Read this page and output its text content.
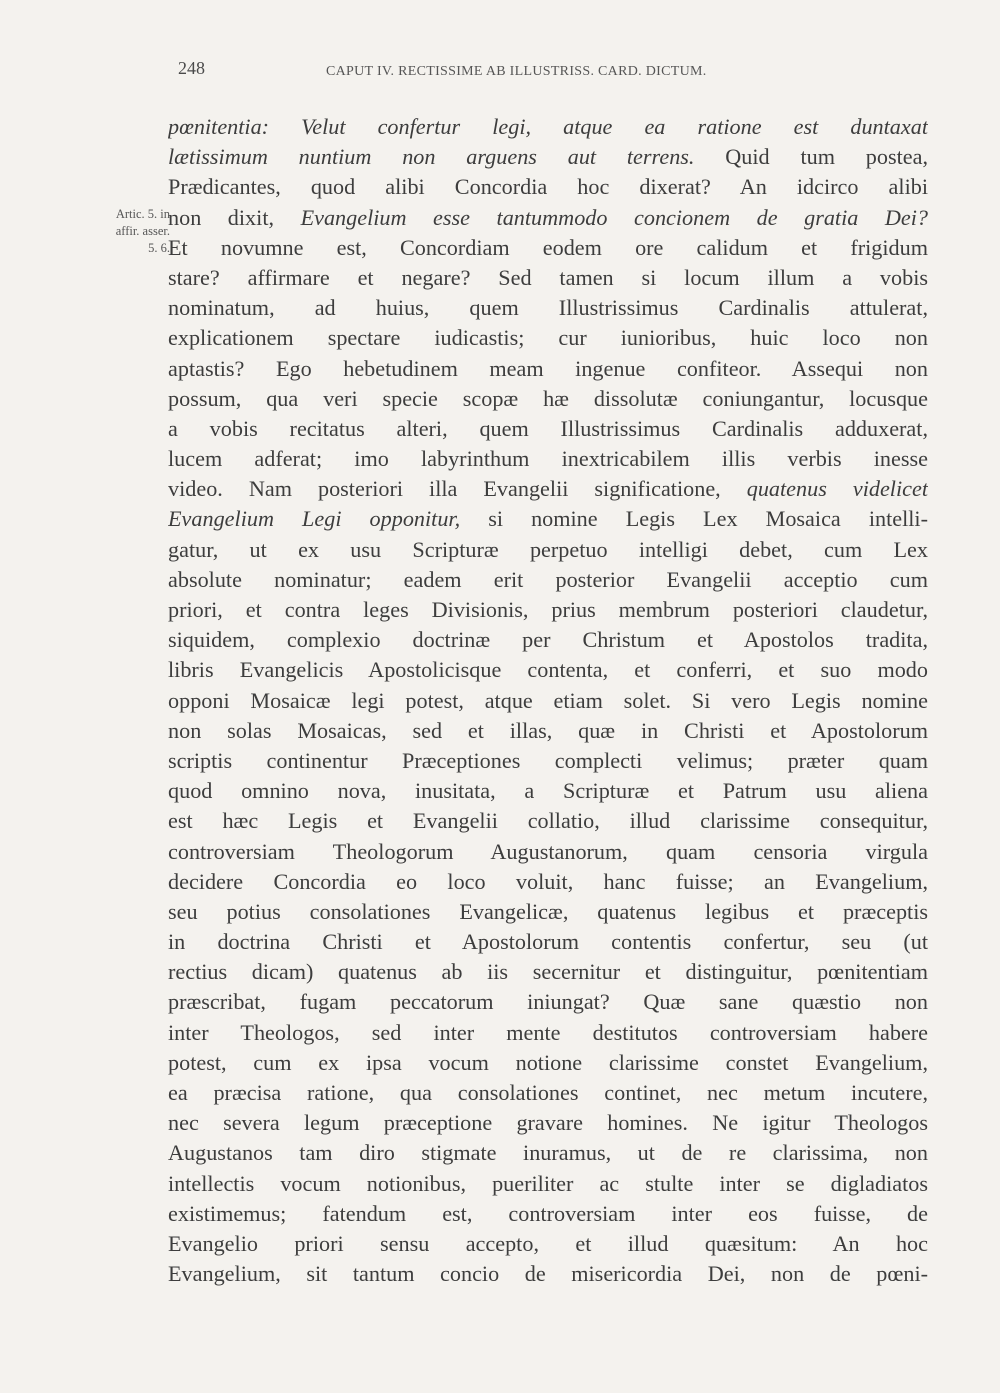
248	CAPUT IV. RECTISSIME AB ILLUSTRISS. CARD. DICTUM.
Artic. 5. in
affir. asser.
5. 6.
pœnitentia: Velut confertur legi, atque ea ratione est duntaxat
lætissimum nuntium non arguens aut terrens. Quid tum postea,
Prædicantes, quod alibi Concordia hoc dixerat? An idcirco alibi
non dixit, Evangelium esse tantummodo concionem de gratia Dei?
Et novumne est, Concordiam eodem ore calidum et frigidum
stare? affirmare et negare? Sed tamen si locum illum a vobis
nominatum, ad huius, quem Illustrissimus Cardinalis attulerat,
explicationem spectare iudicastis; cur iunioribus, huic loco non
aptastis? Ego hebetudinem meam ingenue confiteor. Assequi non
possum, qua veri specie scopæ hæ dissolutæ coniungantur, locusque
a vobis recitatus alteri, quem Illustrissimus Cardinalis adduxerat,
lucem adferat; imo labyrinthum inextricabilem illis verbis inesse
video. Nam posteriori illa Evangelii significatione, quatenus videlicet
Evangelium Legi opponitur, si nomine Legis Lex Mosaica intelli-
gatur, ut ex usu Scripturæ perpetuo intelligi debet, cum Lex
absolute nominatur; eadem erit posterior Evangelii acceptio cum
priori, et contra leges Divisionis, prius membrum posteriori claudetur,
siquidem, complexio doctrinæ per Christum et Apostolos tradita,
libris Evangelicis Apostolicisque contenta, et conferri, et suo modo
opponi Mosaicæ legi potest, atque etiam solet. Si vero Legis nomine
non solas Mosaicas, sed et illas, quæ in Christi et Apostolorum
scriptis continentur Præceptiones complecti velimus; præter quam
quod omnino nova, inusitata, a Scripturæ et Patrum usu aliena
est hæc Legis et Evangelii collatio, illud clarissime consequitur,
controversiam Theologorum Augustanorum, quam censoria virgula
decidere Concordia eo loco voluit, hanc fuisse; an Evangelium,
seu potius consolationes Evangelicæ, quatenus legibus et præceptis
in doctrina Christi et Apostolorum contentis confertur, seu (ut
rectius dicam) quatenus ab iis secernitur et distinguitur, pœnitentiam
præscribat, fugam peccatorum iniungat? Quæ sane quæstio non
inter Theologos, sed inter mente destitutos controversiam habere
potest, cum ex ipsa vocum notione clarissime constet Evangelium,
ea præcisa ratione, qua consolationes continet, nec metum incutere,
nec severa legum præceptione gravare homines. Ne igitur Theologos
Augustanos tam diro stigmate inuramus, ut de re clarissima, non
intellectis vocum notionibus, pueriliter ac stulte inter se digladiatos
existimemus; fatendum est, controversiam inter eos fuisse, de
Evangelio priori sensu accepto, et illud quæsitum: An hoc
Evangelium, sit tantum concio de misericordia Dei, non de pœni-
